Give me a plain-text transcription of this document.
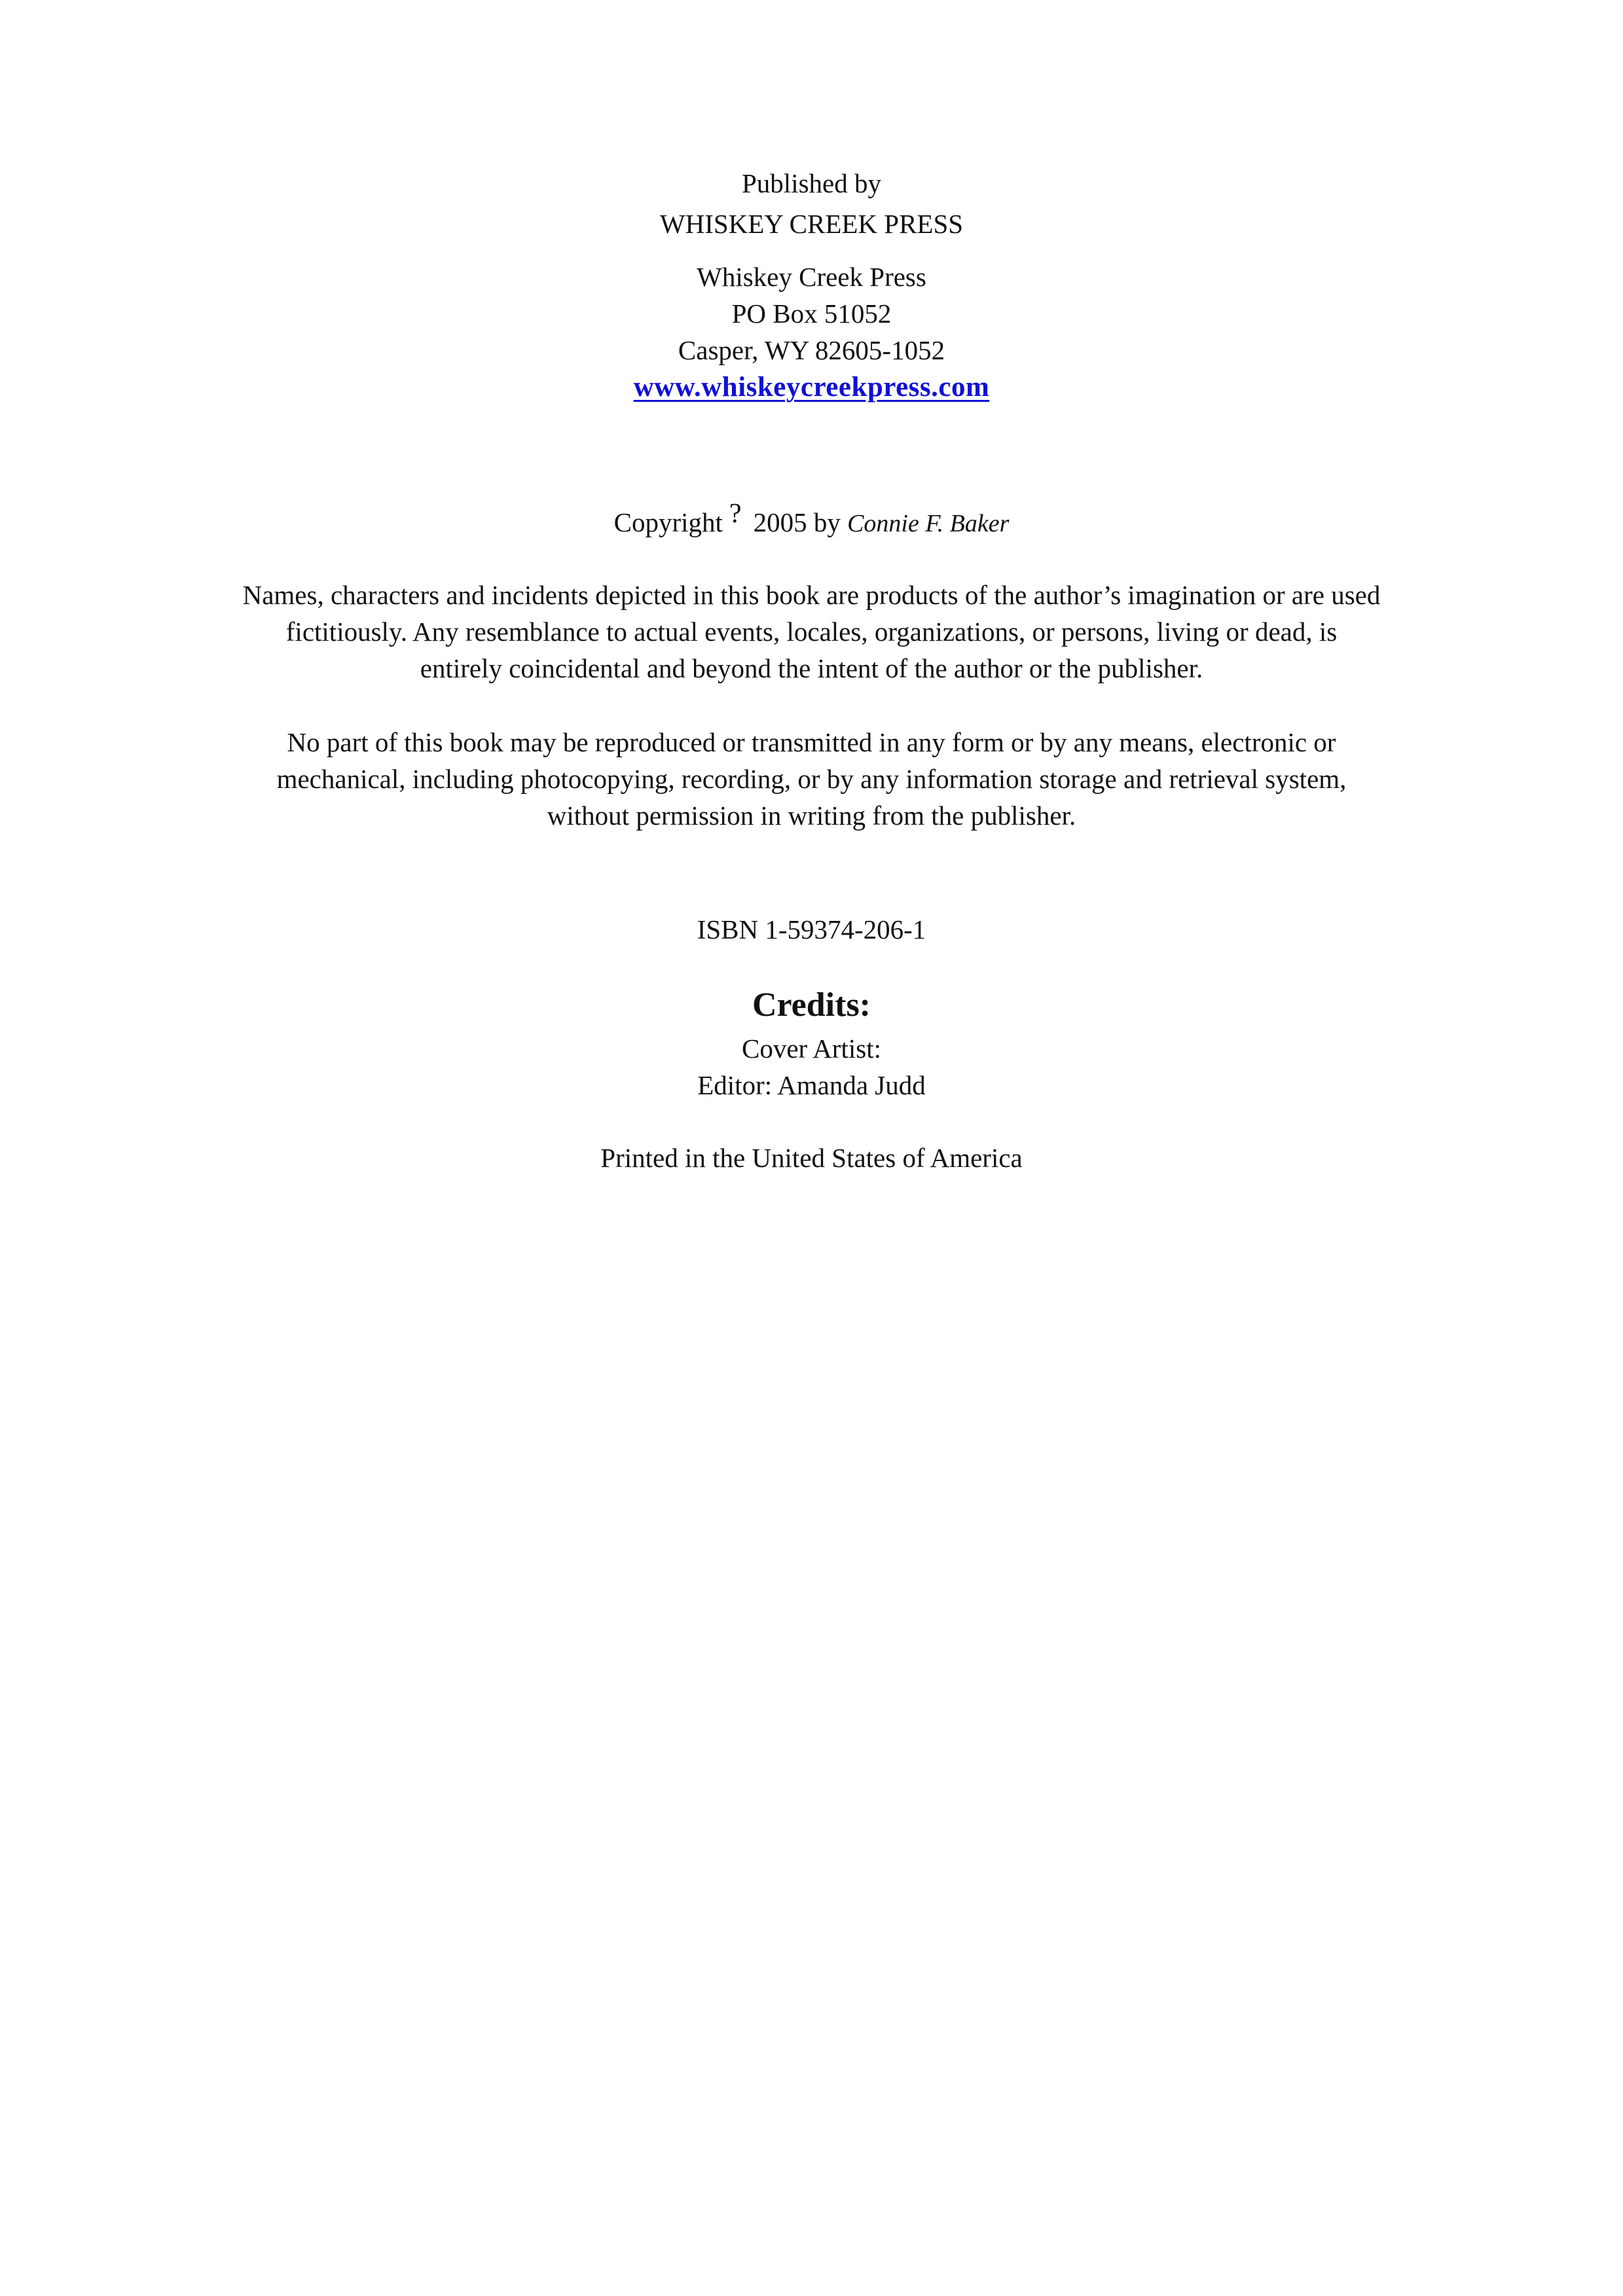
Published by
WHISKEY CREEK PRESS
Whiskey Creek Press
PO Box 51052
Casper, WY 82605-1052
www.whiskeycreekpress.com
Copyright ? 2005 by Connie F. Baker
Names, characters and incidents depicted in this book are products of the author’s imagination or are used
fictitiously. Any resemblance to actual events, locales, organizations, or persons, living or dead, is
entirely coincidental and beyond the intent of the author or the publisher.
No part of this book may be reproduced or transmitted in any form or by any means, electronic or
mechanical, including photocopying, recording, or by any information storage and retrieval system,
without permission in writing from the publisher.
ISBN 1-59374-206-1
Credits:
Cover Artist:
Editor: Amanda Judd
Printed in the United States of America
